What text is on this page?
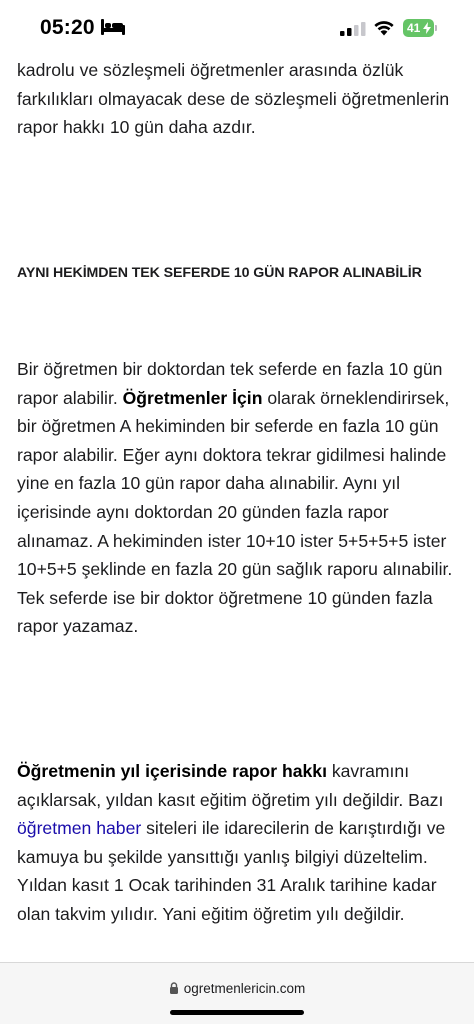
05:20	41

kadrolu ve sözleşmeli öğretmenler arasında özlük farkılıkları olmayacak dese de sözleşmeli öğretmenlerin rapor hakkı 10 gün daha azdır.

AYNI HEKİMDEN TEK SEFERDE 10 GÜN RAPOR ALINABİLİR

Bir öğretmen bir doktordan tek seferde en fazla 10 gün rapor alabilir. Öğretmenler İçin olarak örneklendirirsek, bir öğretmen A hekiminden bir seferde en fazla 10 gün rapor alabilir. Eğer aynı doktora tekrar gidilmesi halinde yine en fazla 10 gün rapor daha alınabilir. Aynı yıl içerisinde aynı doktordan 20 günden fazla rapor alınamaz. A hekiminden ister 10+10 ister 5+5+5+5 ister 10+5+5 şeklinde en fazla 20 gün sağlık raporu alınabilir. Tek seferde ise bir doktor öğretmene 10 günden fazla rapor yazamaz.

Öğretmenin yıl içerisinde rapor hakkı kavramını açıklarsak, yıldan kasıt eğitim öğretim yılı değildir. Bazı öğretmen haber siteleri ile idarecilerin de karıştırdığı ve kamuya bu şekilde yansıttığı yanlış bilgiyi düzeltelim. Yıldan kasıt 1 Ocak tarihinden 31 Aralık tarihine kadar olan takvim yılıdır. Yani eğitim öğretim yılı değildir.

ogretmenlericin.com
